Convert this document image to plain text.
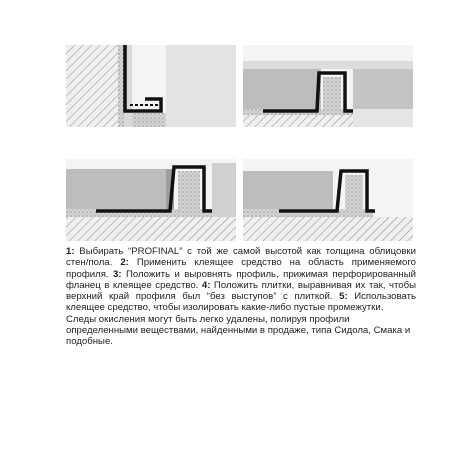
1: Выбирать “PROFINAL” с той же самой высотой как толщина облицовки стен/пола. 2: Применить клеящее средство на область применяемого профиля. 3: Положить и выровнять профиль, прижимая перфорированный фланец в клеящее средство. 4: Положить плитки, выравнивая их так, чтобы верхний край профиля был “без выступов” с плиткой. 5: Использовать клеящее средство, чтобы изолировать какие-либо пустые промежутки.

Следы окисления могут быть легко удалены, полируя профили определенными веществами, найденными в продаже, типа Сидола, Смака и подобные.
